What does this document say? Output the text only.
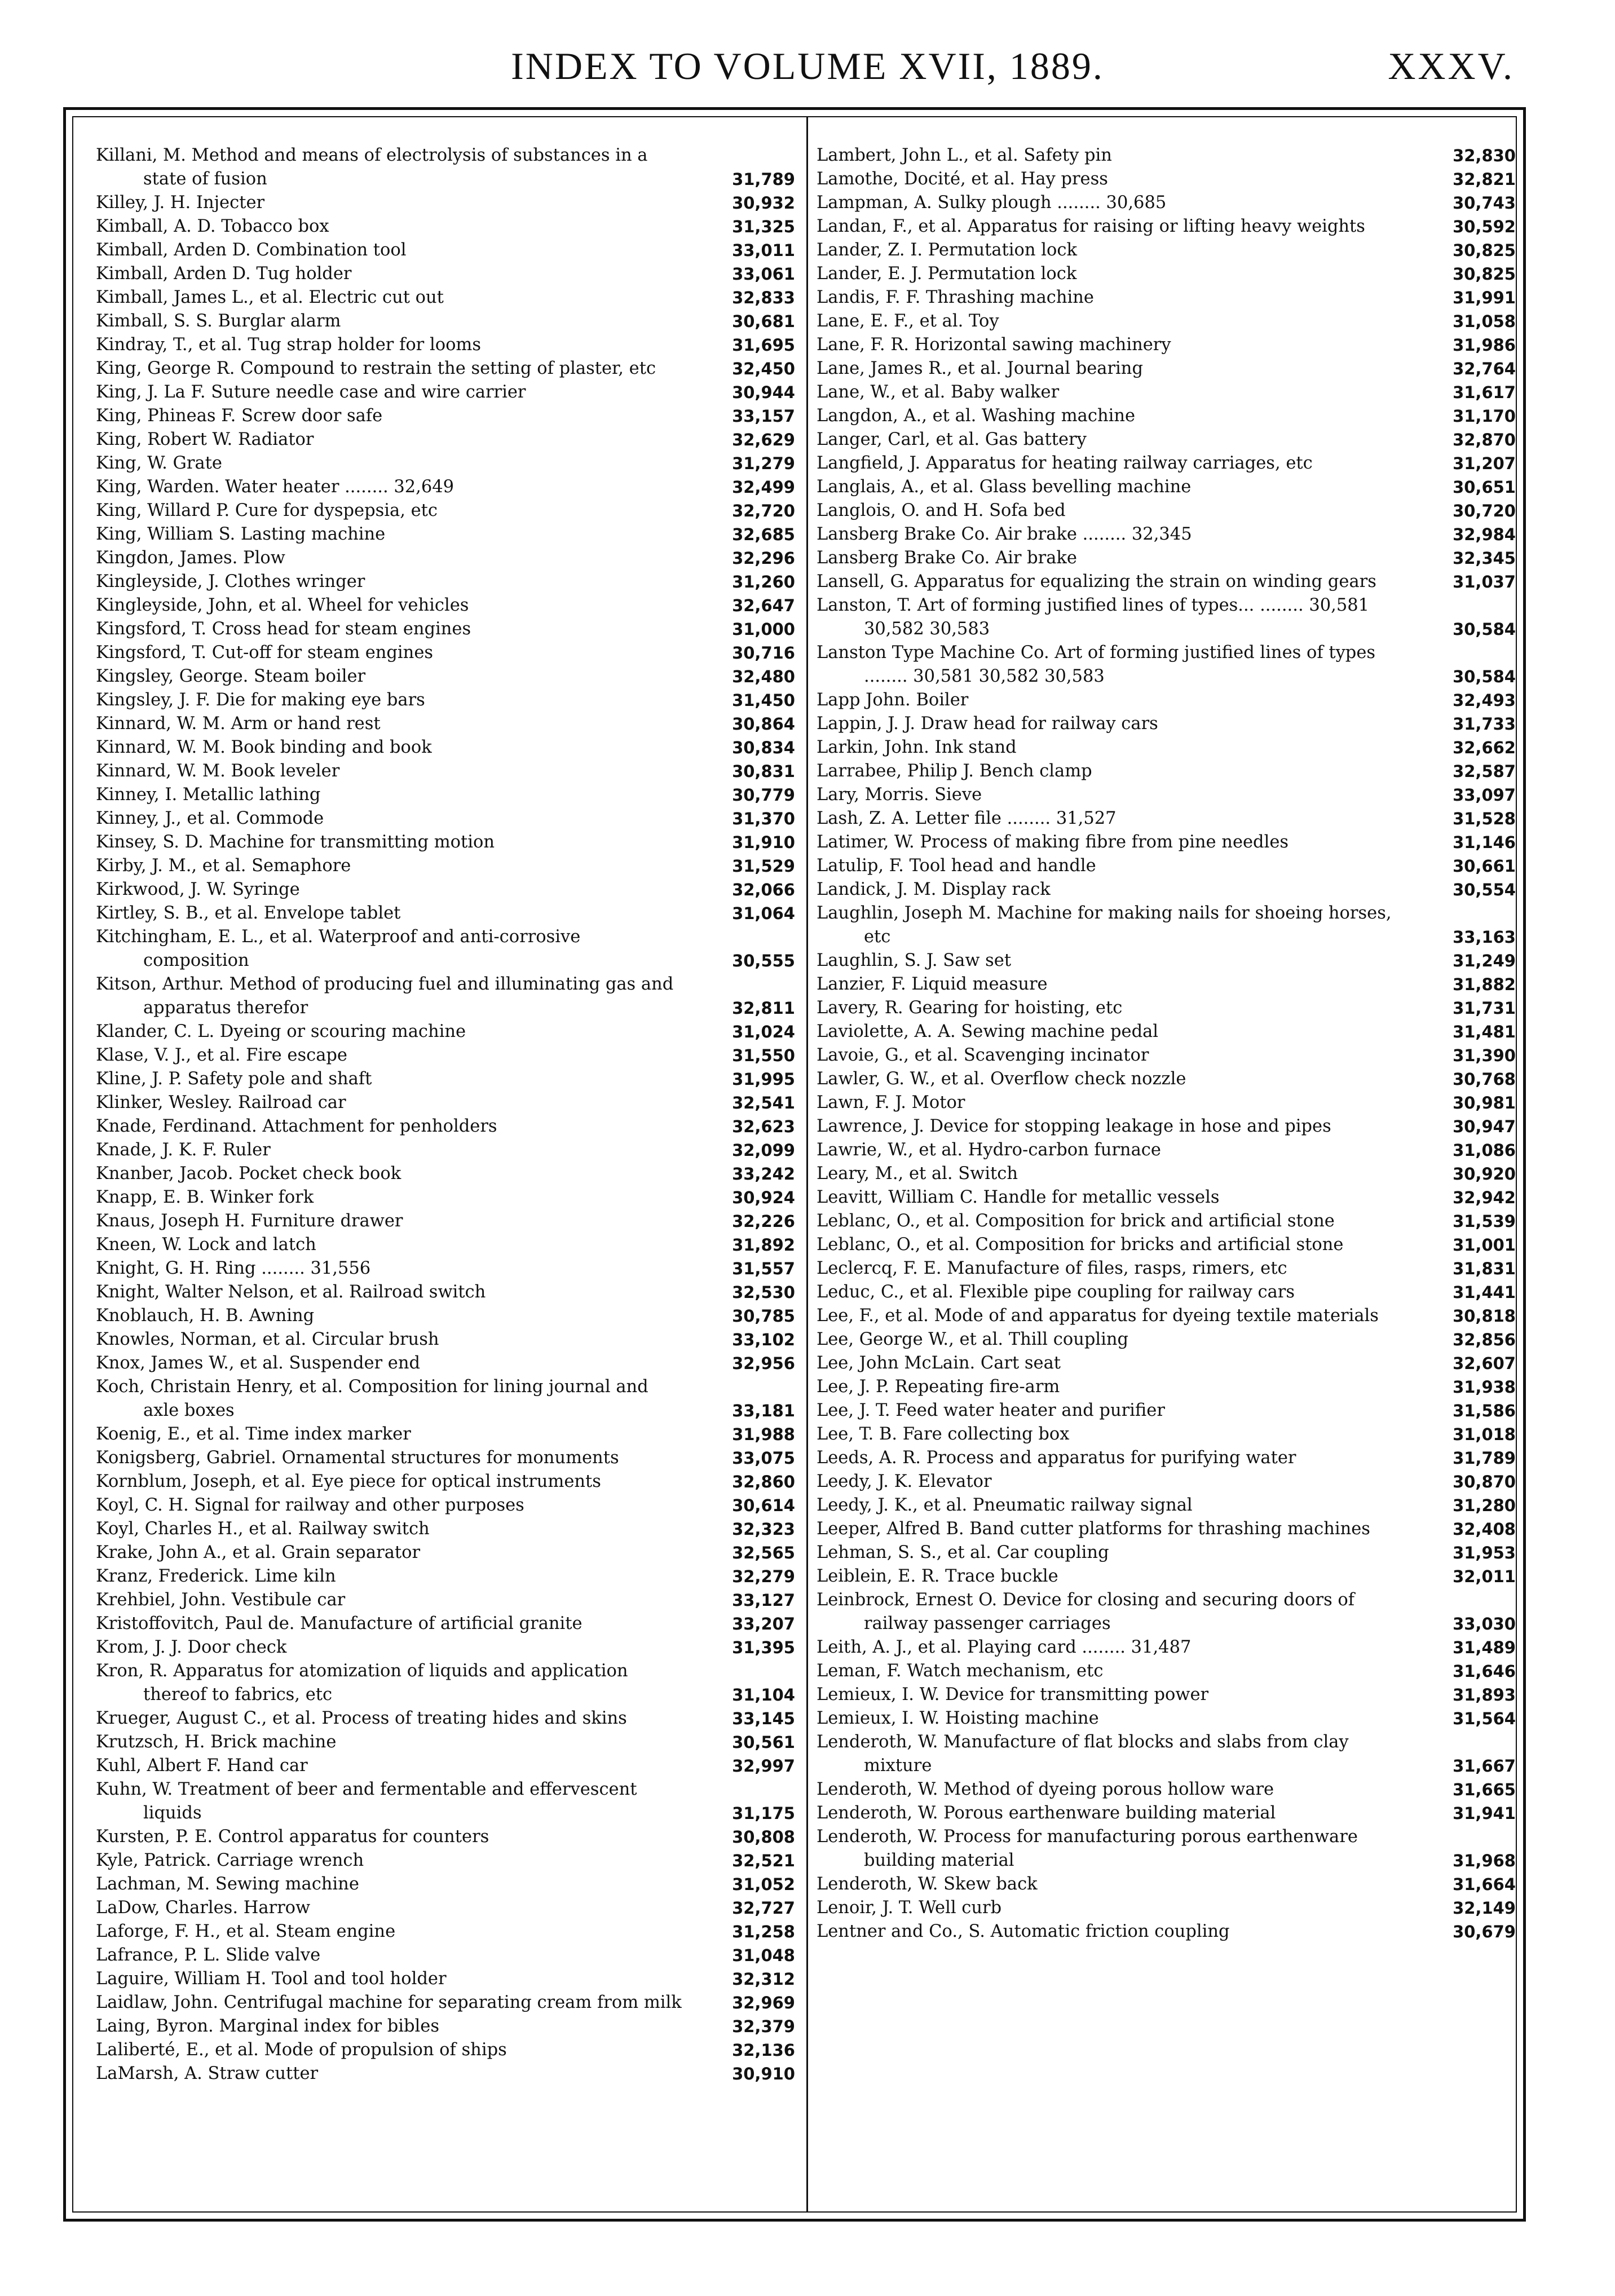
INDEX TO VOLUME XVII, 1889.	XXXV.
Killani, M. Method and means of electrolysis of substances in a state of fusion	31,789
Killey, J. H. Injecter	30,932
Kimball, A. D. Tobacco box	31,325
Kimball, Arden D. Combination tool	33,011
Kimball, Arden D. Tug holder	33,061
Kimball, James L., et al. Electric cut out	32,833
Kimball, S. S. Burglar alarm	30,681
Kindray, T., et al. Tug strap holder for looms	31,695
King, George R. Compound to restrain the setting of plaster, etc	32,450
King, J. La F. Suture needle case and wire carrier	30,944
King, Phineas F. Screw door safe	33,157
King, Robert W. Radiator	32,629
King, W. Grate	31,279
King, Warden. Water heater ........ 32,649	32,499
King, Willard P. Cure for dyspepsia, etc	32,720
King, William S. Lasting machine	32,685
Kingdon, James. Plow	32,296
Kingleyside, J. Clothes wringer	31,260
Kingleyside, John, et al. Wheel for vehicles	32,647
Kingsford, T. Cross head for steam engines	31,000
Kingsford, T. Cut-off for steam engines	30,716
Kingsley, George. Steam boiler	32,480
Kingsley, J. F. Die for making eye bars	31,450
Kinnard, W. M. Arm or hand rest	30,864
Kinnard, W. M. Book binding and book	30,834
Kinnard, W. M. Book leveler	30,831
Kinney, I. Metallic lathing	30,779
Kinney, J., et al. Commode	31,370
Kinsey, S. D. Machine for transmitting motion	31,910
Kirby, J. M., et al. Semaphore	31,529
Kirkwood, J. W. Syringe	32,066
Kirtley, S. B., et al. Envelope tablet	31,064
Kitchingham, E. L., et al. Waterproof and anti-corrosive composition	30,555
Kitson, Arthur. Method of producing fuel and illuminating gas and apparatus therefor	32,811
Klander, C. L. Dyeing or scouring machine	31,024
Klase, V. J., et al. Fire escape	31,550
Kline, J. P. Safety pole and shaft	31,995
Klinker, Wesley. Railroad car	32,541
Knade, Ferdinand. Attachment for penholders	32,623
Knade, J. K. F. Ruler	32,099
Knanber, Jacob. Pocket check book	33,242
Knapp, E. B. Winker fork	30,924
Knaus, Joseph H. Furniture drawer	32,226
Kneen, W. Lock and latch	31,892
Knight, G. H. Ring ........ 31,556	31,557
Knight, Walter Nelson, et al. Railroad switch	32,530
Knoblauch, H. B. Awning	30,785
Knowles, Norman, et al. Circular brush	33,102
Knox, James W., et al. Suspender end	32,956
Koch, Christain Henry, et al. Composition for lining journal and axle boxes	33,181
Koenig, E., et al. Time index marker	31,988
Konigsberg, Gabriel. Ornamental structures for monuments	33,075
Kornblum, Joseph, et al. Eye piece for optical instruments	32,860
Koyl, C. H. Signal for railway and other purposes	30,614
Koyl, Charles H., et al. Railway switch	32,323
Krake, John A., et al. Grain separator	32,565
Kranz, Frederick. Lime kiln	32,279
Krehbiel, John. Vestibule car	33,127
Kristoffovitch, Paul de. Manufacture of artificial granite	33,207
Krom, J. J. Door check	31,395
Kron, R. Apparatus for atomization of liquids and application thereof to fabrics, etc	31,104
Krueger, August C., et al. Process of treating hides and skins	33,145
Krutzsch, H. Brick machine	30,561
Kuhl, Albert F. Hand car	32,997
Kuhn, W. Treatment of beer and fermentable and effervescent liquids	31,175
Kursten, P. E. Control apparatus for counters	30,808
Kyle, Patrick. Carriage wrench	32,521
Lachman, M. Sewing machine	31,052
LaDow, Charles. Harrow	32,727
Laforge, F. H., et al. Steam engine	31,258
Lafrance, P. L. Slide valve	31,048
Laguire, William H. Tool and tool holder	32,312
Laidlaw, John. Centrifugal machine for separating cream from milk	32,969
Laing, Byron. Marginal index for bibles	32,379
Laliberté, E., et al. Mode of propulsion of ships	32,136
LaMarsh, A. Straw cutter	30,910
Lambert, John L., et al. Safety pin	32,830
Lamothe, Docité, et al. Hay press	32,821
Lampman, A. Sulky plough ........ 30,685	30,743
Landan, F., et al. Apparatus for raising or lifting heavy weights	30,592
Lander, Z. I. Permutation lock	30,825
Lander, E. J. Permutation lock	30,825
Landis, F. F. Thrashing machine	31,991
Lane, E. F., et al. Toy	31,058
Lane, F. R. Horizontal sawing machinery	31,986
Lane, James R., et al. Journal bearing	32,764
Lane, W., et al. Baby walker	31,617
Langdon, A., et al. Washing machine	31,170
Langer, Carl, et al. Gas battery	32,870
Langfield, J. Apparatus for heating railway carriages, etc	31,207
Langlais, A., et al. Glass bevelling machine	30,651
Langlois, O. and H. Sofa bed	30,720
Lansberg Brake Co. Air brake ........ 32,345	32,984
Lansberg Brake Co. Air brake	32,345
Lansell, G. Apparatus for equalizing the strain on winding gears	31,037
Lanston, T. Art of forming justified lines of types... ........ 30,581 30,582 30,583	30,584
Lanston Type Machine Co. Art of forming justified lines of types ........ 30,581 30,582 30,583	30,584
Lapp John. Boiler	32,493
Lappin, J. J. Draw head for railway cars	31,733
Larkin, John. Ink stand	32,662
Larrabee, Philip J. Bench clamp	32,587
Lary, Morris. Sieve	33,097
Lash, Z. A. Letter file ........ 31,527	31,528
Latimer, W. Process of making fibre from pine needles	31,146
Latulip, F. Tool head and handle	30,661
Landick, J. M. Display rack	30,554
Laughlin, Joseph M. Machine for making nails for shoeing horses, etc	33,163
Laughlin, S. J. Saw set	31,249
Lanzier, F. Liquid measure	31,882
Lavery, R. Gearing for hoisting, etc	31,731
Laviolette, A. A. Sewing machine pedal	31,481
Lavoie, G., et al. Scavenging incinator	31,390
Lawler, G. W., et al. Overflow check nozzle	30,768
Lawn, F. J. Motor	30,981
Lawrence, J. Device for stopping leakage in hose and pipes	30,947
Lawrie, W., et al. Hydro-carbon furnace	31,086
Leary, M., et al. Switch	30,920
Leavitt, William C. Handle for metallic vessels	32,942
Leblanc, O., et al. Composition for brick and artificial stone	31,539
Leblanc, O., et al. Composition for bricks and artificial stone	31,001
Leclercq, F. E. Manufacture of files, rasps, rimers, etc	31,831
Leduc, C., et al. Flexible pipe coupling for railway cars	31,441
Lee, F., et al. Mode of and apparatus for dyeing textile materials	30,818
Lee, George W., et al. Thill coupling	32,856
Lee, John McLain. Cart seat	32,607
Lee, J. P. Repeating fire-arm	31,938
Lee, J. T. Feed water heater and purifier	31,586
Lee, T. B. Fare collecting box	31,018
Leeds, A. R. Process and apparatus for purifying water	31,789
Leedy, J. K. Elevator	30,870
Leedy, J. K., et al. Pneumatic railway signal	31,280
Leeper, Alfred B. Band cutter platforms for thrashing machines	32,408
Lehman, S. S., et al. Car coupling	31,953
Leiblein, E. R. Trace buckle	32,011
Leinbrock, Ernest O. Device for closing and securing doors of railway passenger carriages	33,030
Leith, A. J., et al. Playing card ........ 31,487	31,489
Leman, F. Watch mechanism, etc	31,646
Lemieux, I. W. Device for transmitting power	31,893
Lemieux, I. W. Hoisting machine	31,564
Lenderoth, W. Manufacture of flat blocks and slabs from clay mixture	31,667
Lenderoth, W. Method of dyeing porous hollow ware	31,665
Lenderoth, W. Porous earthenware building material	31,941
Lenderoth, W. Process for manufacturing porous earthenware building material	31,968
Lenderoth, W. Skew back	31,664
Lenoir, J. T. Well curb	32,149
Lentner and Co., S. Automatic friction coupling	30,679
